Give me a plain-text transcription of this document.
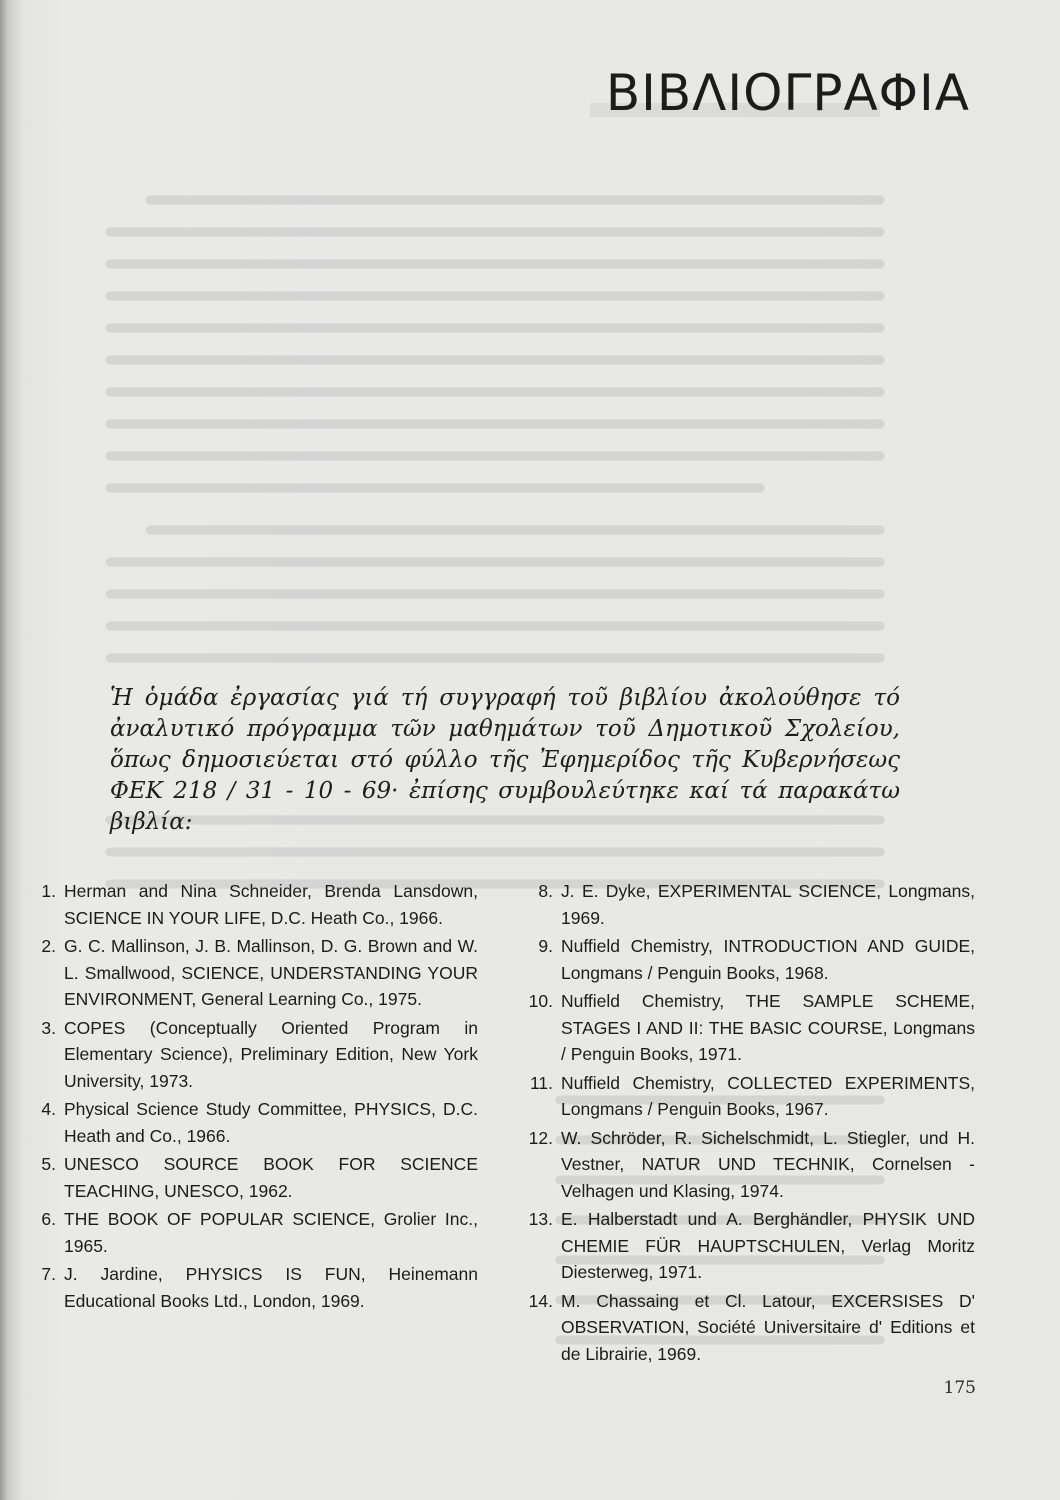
ΒΙΒΛΙΟΓΡΑΦΙΑ

Ἡ ὁμάδα ἐργασίας γιά τή συγγραφή τοῦ βιβλίου ἀκολούθησε τό ἀναλυτικό πρόγραμμα τῶν μαθημάτων τοῦ Δημοτικοῦ Σχολείου, ὅπως δημοσιεύεται στό φύλλο τῆς Ἐφημερίδος τῆς Κυβερνήσεως ΦΕΚ 218 / 31 - 10 - 69· ἐπίσης συμβουλεύτηκε καί τά παρακάτω βιβλία:

1. Herman and Nina Schneider, Brenda Lansdown, SCIENCE IN YOUR LIFE, D.C. Heath Co., 1966.
2. G. C. Mallinson, J. B. Mallinson, D. G. Brown and W. L. Smallwood, SCIENCE, UNDERSTANDING YOUR ENVIRONMENT, General Learning Co., 1975.
3. COPES (Conceptually Oriented Program in Elementary Science), Preliminary Edition, New York University, 1973.
4. Physical Science Study Committee, PHYSICS, D.C. Heath and Co., 1966.
5. UNESCO SOURCE BOOK FOR SCIENCE TEACHING, UNESCO, 1962.
6. THE BOOK OF POPULAR SCIENCE, Grolier Inc., 1965.
7. J. Jardine, PHYSICS IS FUN, Heinemann Educational Books Ltd., London, 1969.
8. J. E. Dyke, EXPERIMENTAL SCIENCE, Longmans, 1969.
9. Nuffield Chemistry, INTRODUCTION AND GUIDE, Longmans / Penguin Books, 1968.
10. Nuffield Chemistry, THE SAMPLE SCHEME, STAGES I AND II: THE BASIC COURSE, Longmans / Penguin Books, 1971.
11. Nuffield Chemistry, COLLECTED EXPERIMENTS, Longmans / Penguin Books, 1967.
12. W. Schröder, R. Sichelschmidt, L. Stiegler, und H. Vestner, NATUR UND TECHNIK, Cornelsen - Velhagen und Klasing, 1974.
13. E. Halberstadt und A. Berghändler, PHYSIK UND CHEMIE FÜR HAUPTSCHULEN, Verlag Moritz Diesterweg, 1971.
14. M. Chassaing et Cl. Latour, EXCERSISES D' OBSERVATION, Société Universitaire d' Editions et de Librairie, 1969.

175
